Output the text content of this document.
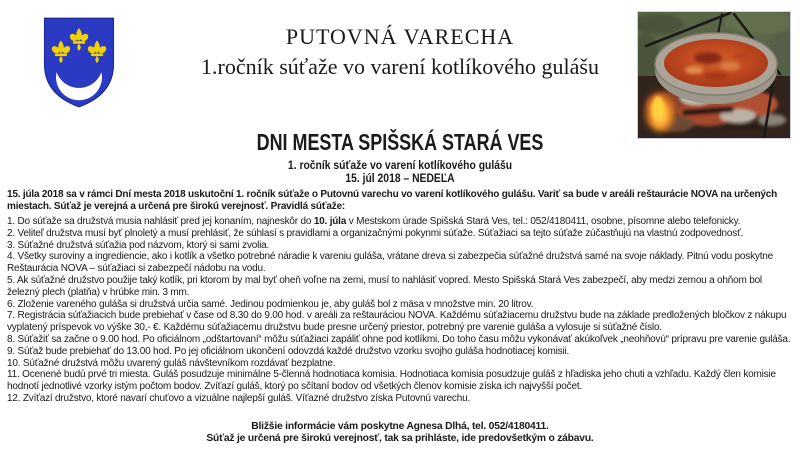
PUTOVNÁ VARECHA
1.ročník súťaže vo varení kotlíkového gulášu
DNI MESTA SPIŠSKÁ STARÁ VES
1. ročník súťaže vo varení kotlíkového gulášu
15. júl 2018 – NEDEĽA
15. júla 2018 sa v rámci Dní mesta 2018 uskutoční 1. ročník súťaže o Putovnú varechu vo varení kotlíkového gulášu. Variť sa bude v areáli reštaurácie NOVA na určených miestach. Súťaž je verejná a určená pre širokú verejnosť. Pravidlá súťaže:

1. Do súťaže sa družstvá musia nahlásiť pred jej konaním, najneskôr do 10. júla v Mestskom úrade Spišská Stará Ves, tel.: 052/4180411, osobne, písomne alebo telefonicky.

2. Veliteľ družstva musí byť plnoletý a musí prehlásiť, že súhlasí s pravidlami a organizačnými pokynmi súťaže. Súťažiaci sa tejto súťaže zúčastňujú na vlastnú zodpovednosť.

3. Súťažné družstvá súťažia pod názvom, ktorý si sami zvolia.

4. Všetky suroviny a ingrediencie, ako i kotlík a všetko potrebné náradie k vareniu guláša, vrátane dreva si zabezpečia súťažné družstvá samé na svoje náklady. Pitnú vodu poskytne Reštaurácia NOVA – súťažiaci si zabezpečí nádobu na vodu.

5. Ak súťažné družstvo použije taký kotlík, pri ktorom by mal byť oheň voľne na zemi, musí to nahlásiť vopred. Mesto Spišská Stará Ves zabezpečí, aby medzi zemou a ohňom bol železný plech (platňa) v hrúbke min. 3 mm.

6. Zloženie vareného guláša si družstvá určia samé. Jedinou podmienkou je, aby guláš bol z mäsa v množstve min. 20 litrov.

7. Registrácia súťažiacich bude prebiehať v čase od 8.30 do 9.00 hod. v areáli za reštauráciou NOVA. Každému súťažiacemu družstvu bude na základe predložených bločkov z nákupu vyplatený príspevok vo výške 30,- €. Každému súťažiacemu družstvu bude presne určený priestor, potrebný pre varenie guláša a vylosuje si súťažné číslo.

8. Súťažiť sa začne o 9.00 hod. Po oficiálnom „odštartovaní“ môžu súťažiaci zapáliť ohne pod kotlíkmi. Do toho času môžu vykonávať akúkoľvek „neohňovú“ prípravu pre varenie guláša.

9. Súťaž bude prebiehať do 13.00 hod. Po jej oficiálnom ukončení odovzdá každé družstvo vzorku svojho guláša hodnotiacej komisii.

10. Súťažné družstvá môžu uvarený guláš návštevníkom rozdávať bezplatne.

11. Ocenené budú prvé tri miesta. Guláš posudzuje minimálne 5-členná hodnotiaca komisia. Hodnotiaca komisia posudzuje guláš z hľadiska jeho chuti a vzhľadu. Každý člen komisie hodnotí jednotlivé vzorky istým počtom bodov. Zvíťazí guláš, ktorý po sčítaní bodov od všetkých členov komisie získa ich najvyšší počet.

12. Zvíťazí družstvo, ktoré navarí chuťovo a vizuálne najlepší guláš. Víťazné družstvo získa Putovnú varechu.

Bližšie informácie vám poskytne Agnesa Dlhá, tel. 052/4180411.
Súťaž je určená pre širokú verejnosť, tak sa prihláste, ide predovšetkým o zábavu.
